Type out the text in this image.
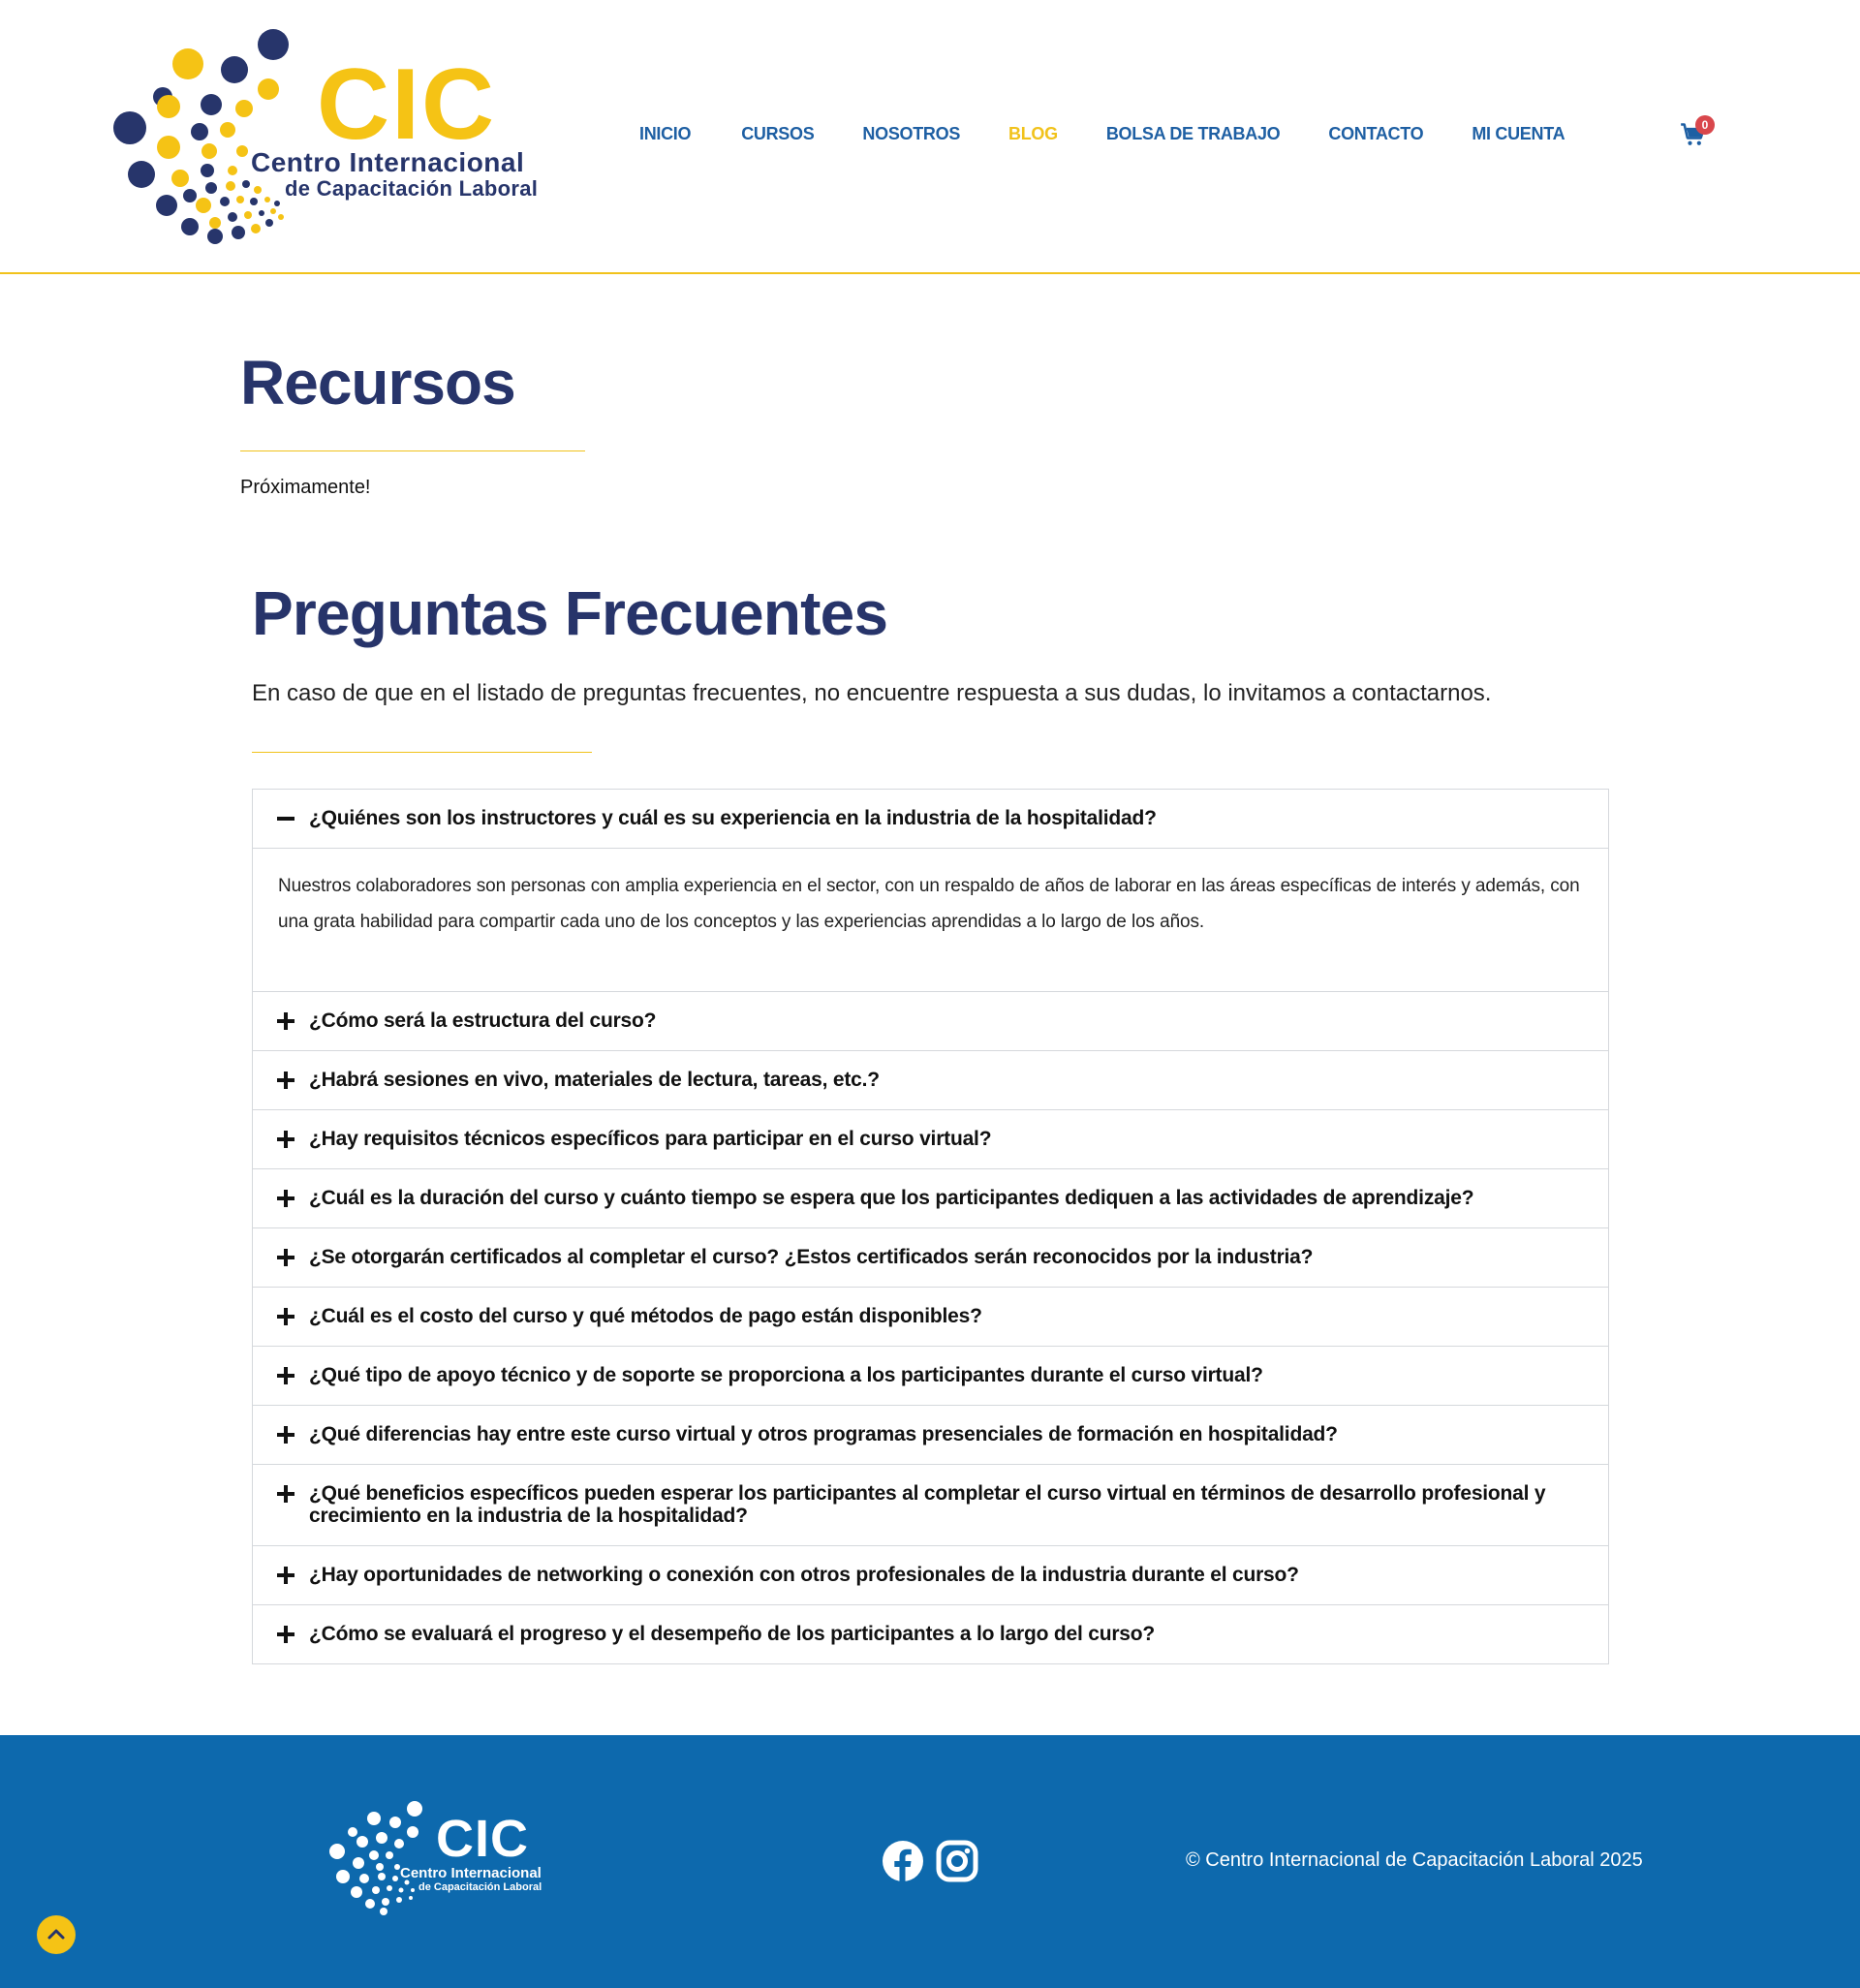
CIC
Centro Internacional
de Capacitación Laboral
INICIO	CURSOS	NOSOTROS	BLOG	BOLSA DE TRABAJO	CONTACTO	MI CUENTA	0
Recursos

Próximamente!

Preguntas Frecuentes

En caso de que en el listado de preguntas frecuentes, no encuentre respuesta a sus dudas, lo invitamos a contactarnos.

¿Quiénes son los instructores y cuál es su experiencia en la industria de la hospitalidad?
Nuestros colaboradores son personas con amplia experiencia en el sector, con un respaldo de años de laborar en las áreas específicas de interés y además, con una grata habilidad para compartir cada uno de los conceptos y las experiencias aprendidas a lo largo de los años.
¿Cómo será la estructura del curso?
¿Habrá sesiones en vivo, materiales de lectura, tareas, etc.?
¿Hay requisitos técnicos específicos para participar en el curso virtual?
¿Cuál es la duración del curso y cuánto tiempo se espera que los participantes dediquen a las actividades de aprendizaje?
¿Se otorgarán certificados al completar el curso? ¿Estos certificados serán reconocidos por la industria?
¿Cuál es el costo del curso y qué métodos de pago están disponibles?
¿Qué tipo de apoyo técnico y de soporte se proporciona a los participantes durante el curso virtual?
¿Qué diferencias hay entre este curso virtual y otros programas presenciales de formación en hospitalidad?
¿Qué beneficios específicos pueden esperar los participantes al completar el curso virtual en términos de desarrollo profesional y crecimiento en la industria de la hospitalidad?
¿Hay oportunidades de networking o conexión con otros profesionales de la industria durante el curso?
¿Cómo se evaluará el progreso y el desempeño de los participantes a lo largo del curso?
CIC
Centro Internacional
de Capacitación Laboral
© Centro Internacional de Capacitación Laboral 2025
